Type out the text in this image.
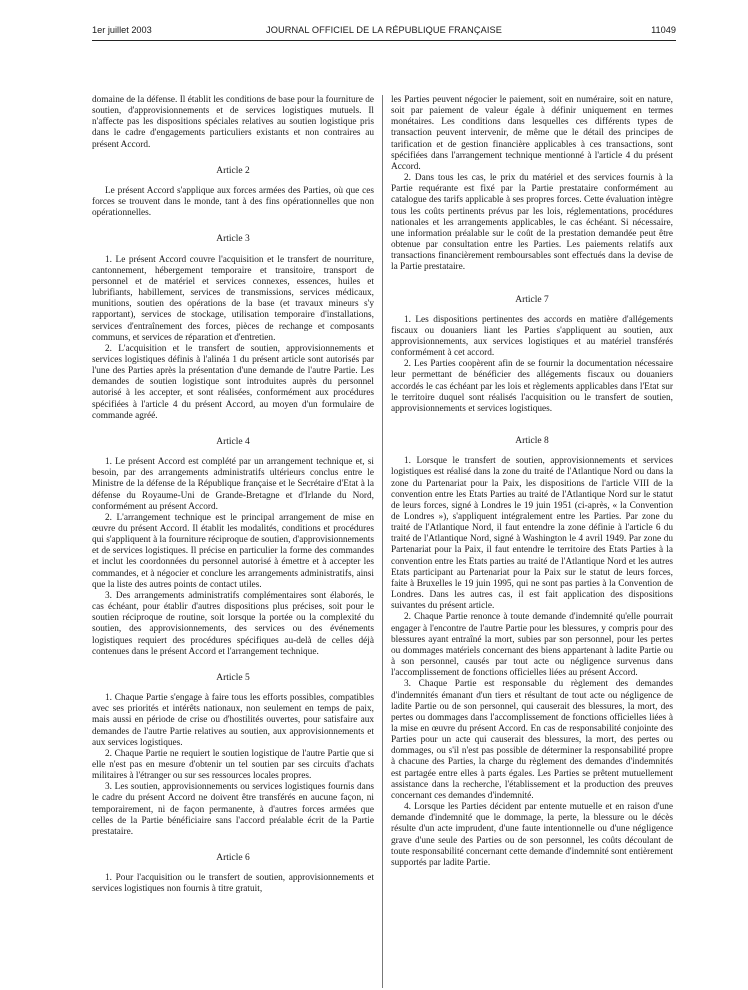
1er juillet 2003	JOURNAL OFFICIEL DE LA RÉPUBLIQUE FRANÇAISE	11049

domaine de la défense. Il établit les conditions de base pour la fourniture de soutien, d'approvisionnements et de services logistiques mutuels. Il n'affecte pas les dispositions spéciales relatives au soutien logistique pris dans le cadre d'engagements particuliers existants et non contraires au présent Accord.

Article 2

Le présent Accord s'applique aux forces armées des Parties, où que ces forces se trouvent dans le monde, tant à des fins opérationnelles que non opérationnelles.

Article 3

1. Le présent Accord couvre l'acquisition et le transfert de nourriture, cantonnement, hébergement temporaire et transitoire, transport de personnel et de matériel et services connexes, essences, huiles et lubrifiants, habillement, services de transmissions, services médicaux, munitions, soutien des opérations de la base (et travaux mineurs s'y rapportant), services de stockage, utilisation temporaire d'installations, services d'entraînement des forces, pièces de rechange et composants communs, et services de réparation et d'entretien.

2. L'acquisition et le transfert de soutien, approvisionnements et services logistiques définis à l'alinéa 1 du présent article sont autorisés par l'une des Parties après la présentation d'une demande de l'autre Partie. Les demandes de soutien logistique sont introduites auprès du personnel autorisé à les accepter, et sont réalisées, conformément aux procédures spécifiées à l'article 4 du présent Accord, au moyen d'un formulaire de commande agréé.

Article 4

1. Le présent Accord est complété par un arrangement technique et, si besoin, par des arrangements administratifs ultérieurs conclus entre le Ministre de la défense de la République française et le Secrétaire d'Etat à la défense du Royaume-Uni de Grande-Bretagne et d'Irlande du Nord, conformément au présent Accord.

2. L'arrangement technique est le principal arrangement de mise en œuvre du présent Accord. Il établit les modalités, conditions et procédures qui s'appliquent à la fourniture réciproque de soutien, d'approvisionnements et de services logistiques. Il précise en particulier la forme des commandes et inclut les coordonnées du personnel autorisé à émettre et à accepter les commandes, et à négocier et conclure les arrangements administratifs, ainsi que la liste des autres points de contact utiles.

3. Des arrangements administratifs complémentaires sont élaborés, le cas échéant, pour établir d'autres dispositions plus précises, soit pour le soutien réciproque de routine, soit lorsque la portée ou la complexité du soutien, des approvisionnements, des services ou des événements logistiques requiert des procédures spécifiques au-delà de celles déjà contenues dans le présent Accord et l'arrangement technique.

Article 5

1. Chaque Partie s'engage à faire tous les efforts possibles, compatibles avec ses priorités et intérêts nationaux, non seulement en temps de paix, mais aussi en période de crise ou d'hostilités ouvertes, pour satisfaire aux demandes de l'autre Partie relatives au soutien, aux approvisionnements et aux services logistiques.

2. Chaque Partie ne requiert le soutien logistique de l'autre Partie que si elle n'est pas en mesure d'obtenir un tel soutien par ses circuits d'achats militaires à l'étranger ou sur ses ressources locales propres.

3. Les soutien, approvisionnements ou services logistiques fournis dans le cadre du présent Accord ne doivent être transférés en aucune façon, ni temporairement, ni de façon permanente, à d'autres forces armées que celles de la Partie bénéficiaire sans l'accord préalable écrit de la Partie prestataire.

Article 6

1. Pour l'acquisition ou le transfert de soutien, approvisionnements et services logistiques non fournis à titre gratuit,

les Parties peuvent négocier le paiement, soit en numéraire, soit en nature, soit par paiement de valeur égale à définir uniquement en termes monétaires. Les conditions dans lesquelles ces différents types de transaction peuvent intervenir, de même que le détail des principes de tarification et de gestion financière applicables à ces transactions, sont spécifiées dans l'arrangement technique mentionné à l'article 4 du présent Accord.

2. Dans tous les cas, le prix du matériel et des services fournis à la Partie requérante est fixé par la Partie prestataire conformément au catalogue des tarifs applicable à ses propres forces. Cette évaluation intègre tous les coûts pertinents prévus par les lois, réglementations, procédures nationales et les arrangements applicables, le cas échéant. Si nécessaire, une information préalable sur le coût de la prestation demandée peut être obtenue par consultation entre les Parties. Les paiements relatifs aux transactions financièrement remboursables sont effectués dans la devise de la Partie prestataire.

Article 7

1. Les dispositions pertinentes des accords en matière d'allégements fiscaux ou douaniers liant les Parties s'appliquent au soutien, aux approvisionnements, aux services logistiques et au matériel transférés conformément à cet accord.

2. Les Parties coopèrent afin de se fournir la documentation nécessaire leur permettant de bénéficier des allégements fiscaux ou douaniers accordés le cas échéant par les lois et règlements applicables dans l'Etat sur le territoire duquel sont réalisés l'acquisition ou le transfert de soutien, approvisionnements et services logistiques.

Article 8

1. Lorsque le transfert de soutien, approvisionnements et services logistiques est réalisé dans la zone du traité de l'Atlantique Nord ou dans la zone du Partenariat pour la Paix, les dispositions de l'article VIII de la convention entre les Etats Parties au traité de l'Atlantique Nord sur le statut de leurs forces, signé à Londres le 19 juin 1951 (ci-après, « la Convention de Londres »), s'appliquent intégralement entre les Parties. Par zone du traité de l'Atlantique Nord, il faut entendre la zone définie à l'article 6 du traité de l'Atlantique Nord, signé à Washington le 4 avril 1949. Par zone du Partenariat pour la Paix, il faut entendre le territoire des Etats Parties à la convention entre les Etats parties au traité de l'Atlantique Nord et les autres Etats participant au Partenariat pour la Paix sur le statut de leurs forces, faite à Bruxelles le 19 juin 1995, qui ne sont pas parties à la Convention de Londres. Dans les autres cas, il est fait application des dispositions suivantes du présent article.

2. Chaque Partie renonce à toute demande d'indemnité qu'elle pourrait engager à l'encontre de l'autre Partie pour les blessures, y compris pour des blessures ayant entraîné la mort, subies par son personnel, pour les pertes ou dommages matériels concernant des biens appartenant à ladite Partie ou à son personnel, causés par tout acte ou négligence survenus dans l'accomplissement de fonctions officielles liées au présent Accord.

3. Chaque Partie est responsable du règlement des demandes d'indemnités émanant d'un tiers et résultant de tout acte ou négligence de ladite Partie ou de son personnel, qui causerait des blessures, la mort, des pertes ou dommages dans l'accomplissement de fonctions officielles liées à la mise en œuvre du présent Accord. En cas de responsabilité conjointe des Parties pour un acte qui causerait des blessures, la mort, des pertes ou dommages, ou s'il n'est pas possible de déterminer la responsabilité propre à chacune des Parties, la charge du règlement des demandes d'indemnités est partagée entre elles à parts égales. Les Parties se prêtent mutuellement assistance dans la recherche, l'établissement et la production des preuves concernant ces demandes d'indemnité.

4. Lorsque les Parties décident par entente mutuelle et en raison d'une demande d'indemnité que le dommage, la perte, la blessure ou le décès résulte d'un acte imprudent, d'une faute intentionnelle ou d'une négligence grave d'une seule des Parties ou de son personnel, les coûts découlant de toute responsabilité concernant cette demande d'indemnité sont entièrement supportés par ladite Partie.
